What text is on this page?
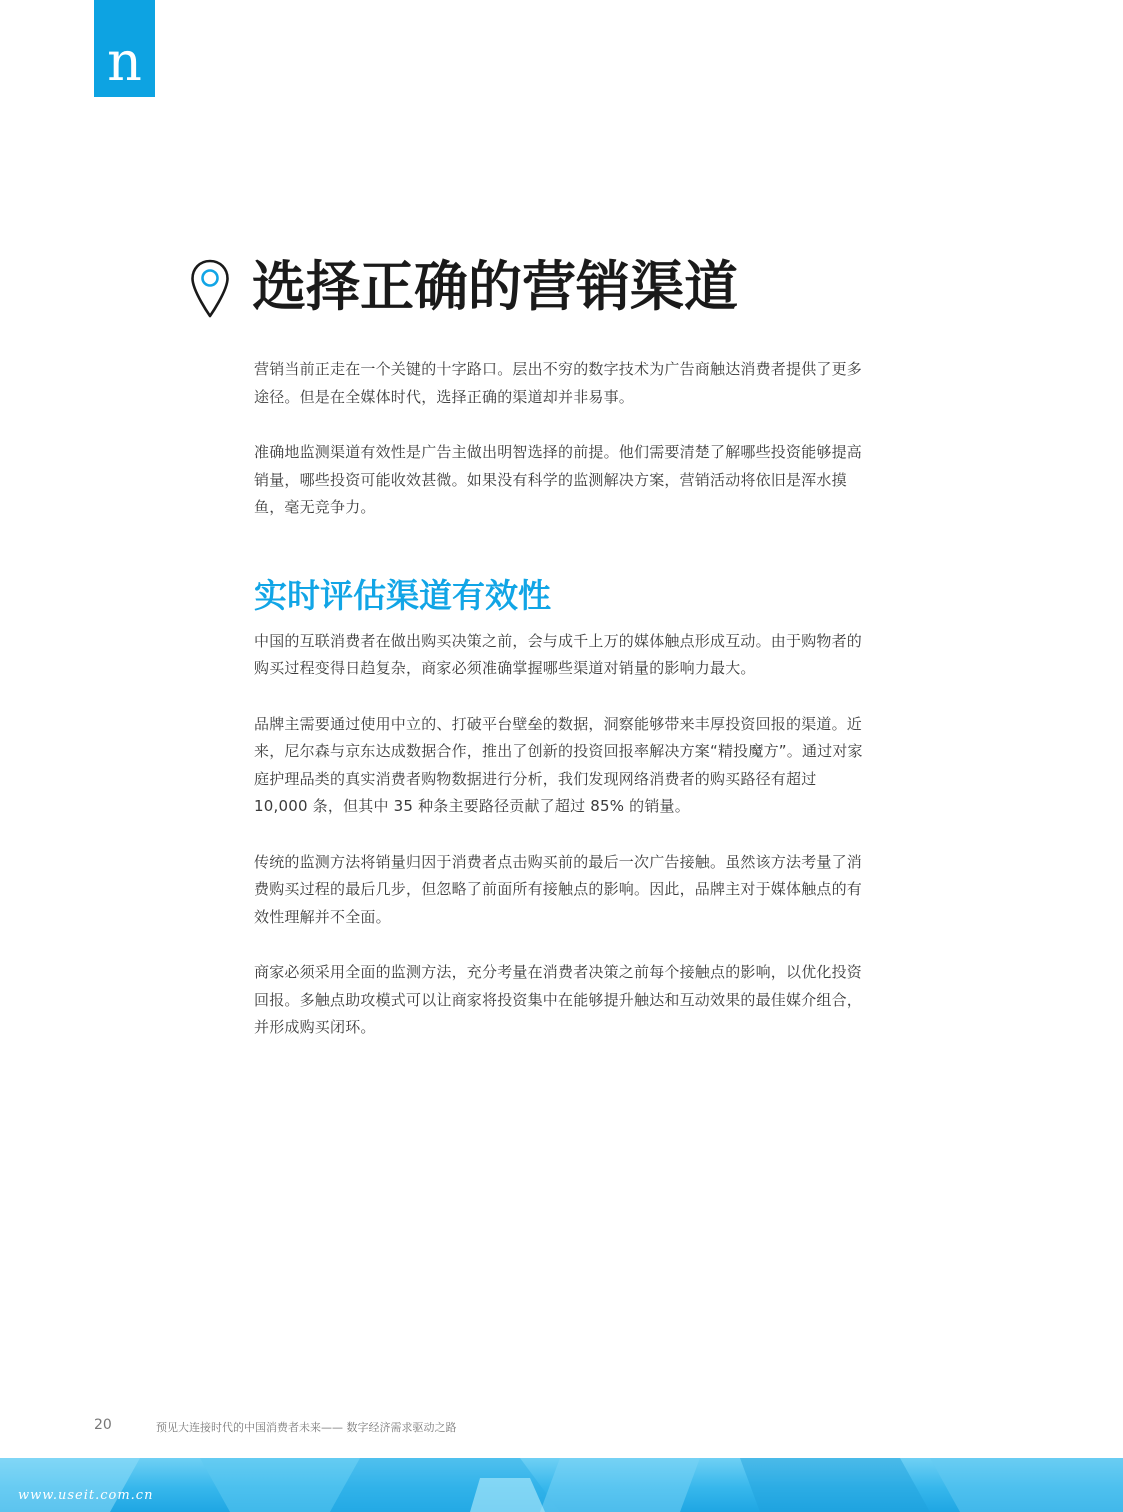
n
选择正确的营销渠道

营销当前正走在一个关键的十字路口。层出不穷的数字技术为广告商触达消费者提供了更多途径。但是在全媒体时代，选择正确的渠道却并非易事。

准确地监测渠道有效性是广告主做出明智选择的前提。他们需要清楚了解哪些投资能够提高销量，哪些投资可能收效甚微。如果没有科学的监测解决方案，营销活动将依旧是浑水摸鱼，毫无竞争力。

实时评估渠道有效性

中国的互联消费者在做出购买决策之前，会与成千上万的媒体触点形成互动。由于购物者的购买过程变得日趋复杂，商家必须准确掌握哪些渠道对销量的影响力最大。

品牌主需要通过使用中立的、打破平台壁垒的数据，洞察能够带来丰厚投资回报的渠道。近来，尼尔森与京东达成数据合作，推出了创新的投资回报率解决方案“精投魔方”。通过对家庭护理品类的真实消费者购物数据进行分析，我们发现网络消费者的购买路径有超过 10,000 条，但其中 35 种条主要路径贡献了超过 85% 的销量。

传统的监测方法将销量归因于消费者点击购买前的最后一次广告接触。虽然该方法考量了消费购买过程的最后几步，但忽略了前面所有接触点的影响。因此，品牌主对于媒体触点的有效性理解并不全面。

商家必须采用全面的监测方法，充分考量在消费者决策之前每个接触点的影响，以优化投资回报。多触点助攻模式可以让商家将投资集中在能够提升触达和互动效果的最佳媒介组合，并形成购买闭环。

20	预见大连接时代的中国消费者未来—— 数字经济需求驱动之路
www.useit.com.cn
